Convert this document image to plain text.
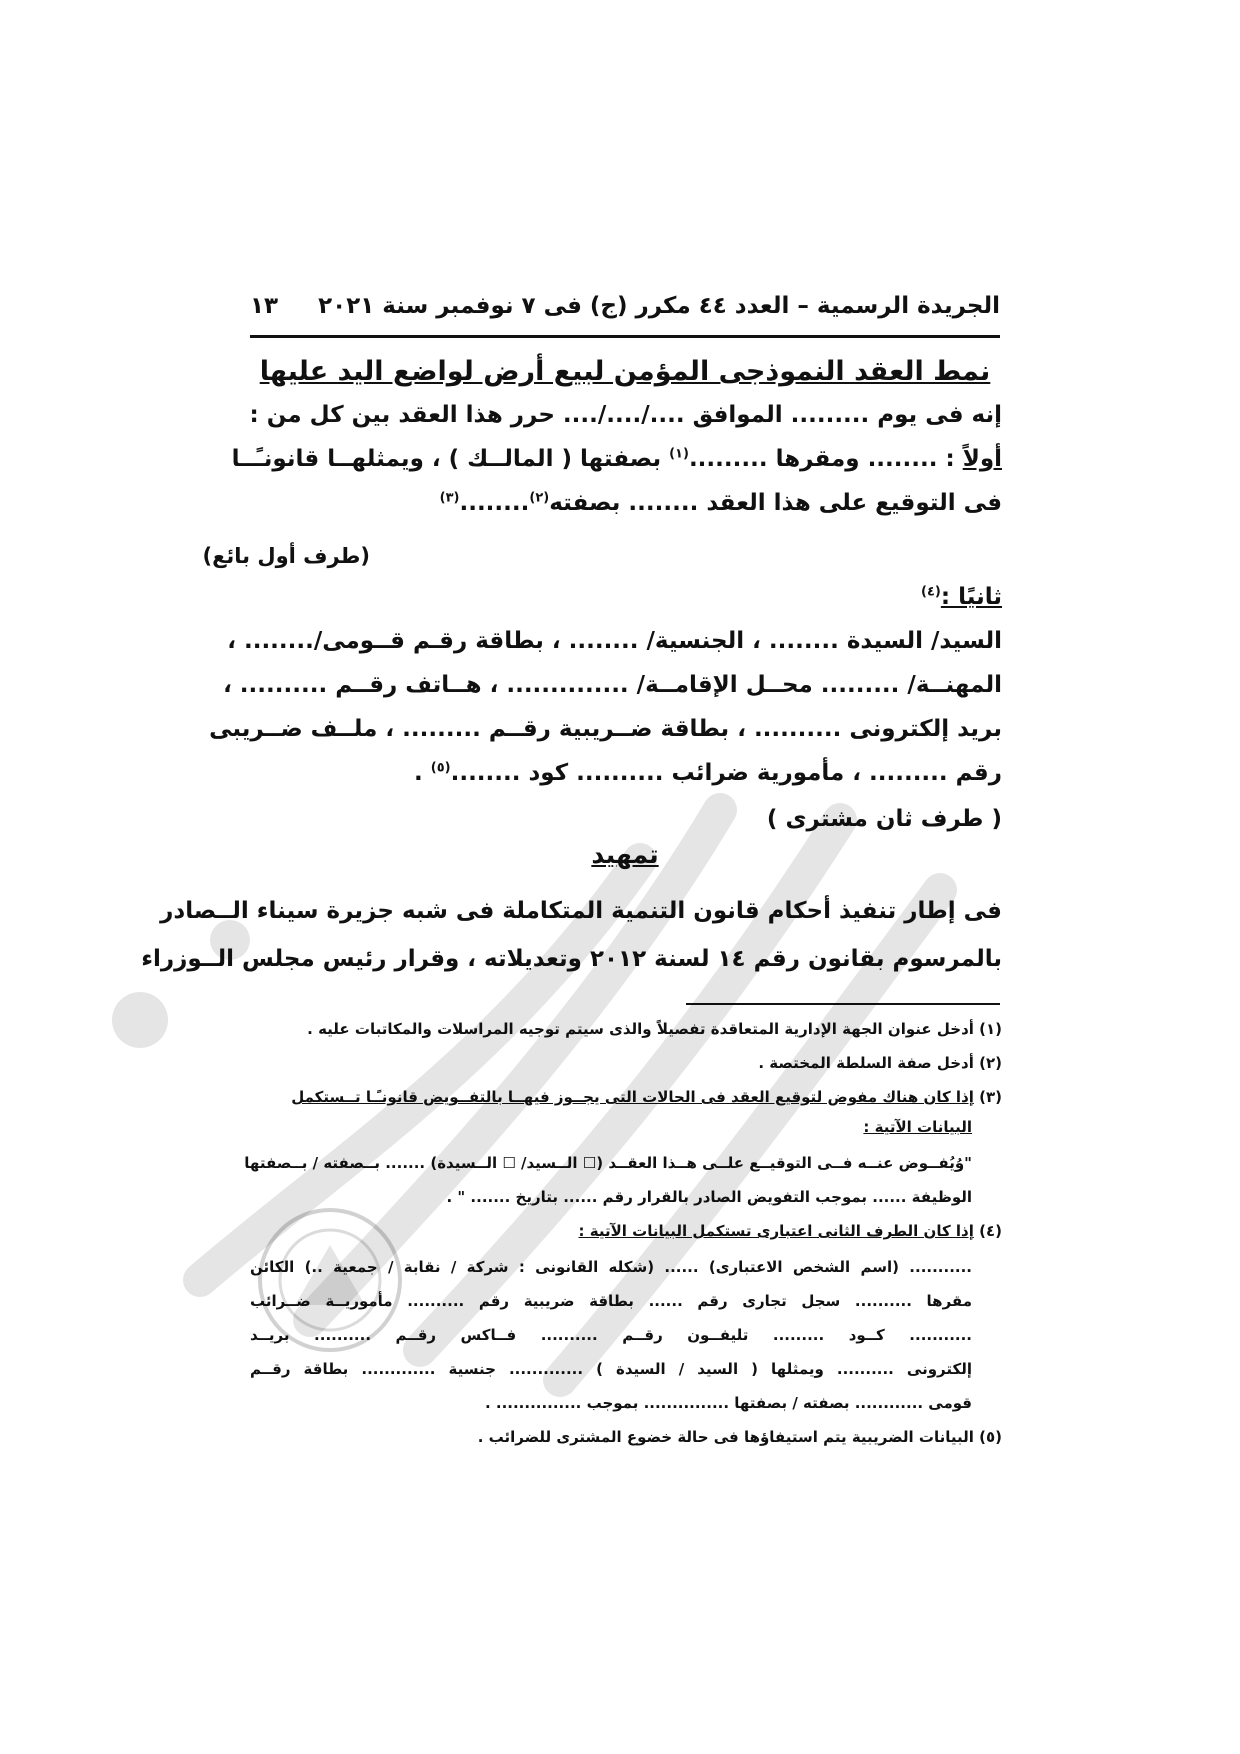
١٣ الجريدة الرسمية – العدد ٤٤ مكرر (ج) فى ٧ نوفمبر سنة ٢٠٢١
نمط العقد النموذجى المؤمن لبيع أرض لواضع اليد عليها
إنه فى يوم ......... الموافق ..../..../.... حرر هذا العقد بين كل من :
أولاً : ........ ومقرها .........$^{(١)}$ بصفتها ( المالــك ) ، ويمثلهــا قانونـًــا
فى التوقيع على هذا العقد ........ بصفته$^{(٢)}$........$^{(٣)}$
(طرف أول بائع)
ثانيًا :$^{(٤)}$
السيد/ السيدة ........ ، الجنسية/ ........ ، بطاقة رقـم قــومى/........ ،
المهنــة/ ......... محــل الإقامــة/ .............. ، هــاتف رقــم .......... ،
بريد إلكترونى .......... ، بطاقة ضــريبية رقــم ......... ، ملــف ضــريبى
رقم ......... ، مأمورية ضرائب .......... كود ........$^{(٥)}$ .
( طرف ثان مشترى )
تمهيد
فى إطار تنفيذ أحكام قانون التنمية المتكاملة فى شبه جزيرة سيناء الــصادر
بالمرسوم بقانون رقم ١٤ لسنة ٢٠١٢ وتعديلاته ، وقرار رئيس مجلس الــوزراء
(١) أدخل عنوان الجهة الإدارية المتعاقدة تفصيلاً والذى سيتم توجيه المراسلات والمكاتبات عليه .
(٢) أدخل صفة السلطة المختصة .
(٣) إذا كان هناك مفوض لتوقيع العقد فى الحالات التى يجــوز فيهــا بالتفــويض قانونـًـا تــستكمل
البيانات الآتية :
"وُيُفــوض عنــه فــى التوقيــع علــى هــذا العقــد (☐ الــسيد/ ☐ الــسيدة) ....... بــصفته / بــصفتها
الوظيفة ...... بموجب التفويض الصادر بالقرار رقم ...... بتاريخ ....... " .
(٤) إذا كان الطرف الثانى اعتبارى تستكمل البيانات الآتية :
........... (اسم الشخص الاعتبارى) ...... (شكله القانونى : شركة / نقابة / جمعية ..) الكائن
مقرها .......... سجل تجارى رقم ...... بطاقة ضريبية رقم .......... مأموريــة ضــرائب
........... كــود ......... تليفــون رقــم .......... فــاكس رقــم .......... بريــد
إلكترونى .......... ويمثلها ( السيد / السيدة ) ............. جنسية ............. بطاقة رقــم
قومى ............ بصفته / بصفتها ............... بموجب ............... .
(٥) البيانات الضريبية يتم استيفاؤها فى حالة خضوع المشترى للضرائب .
